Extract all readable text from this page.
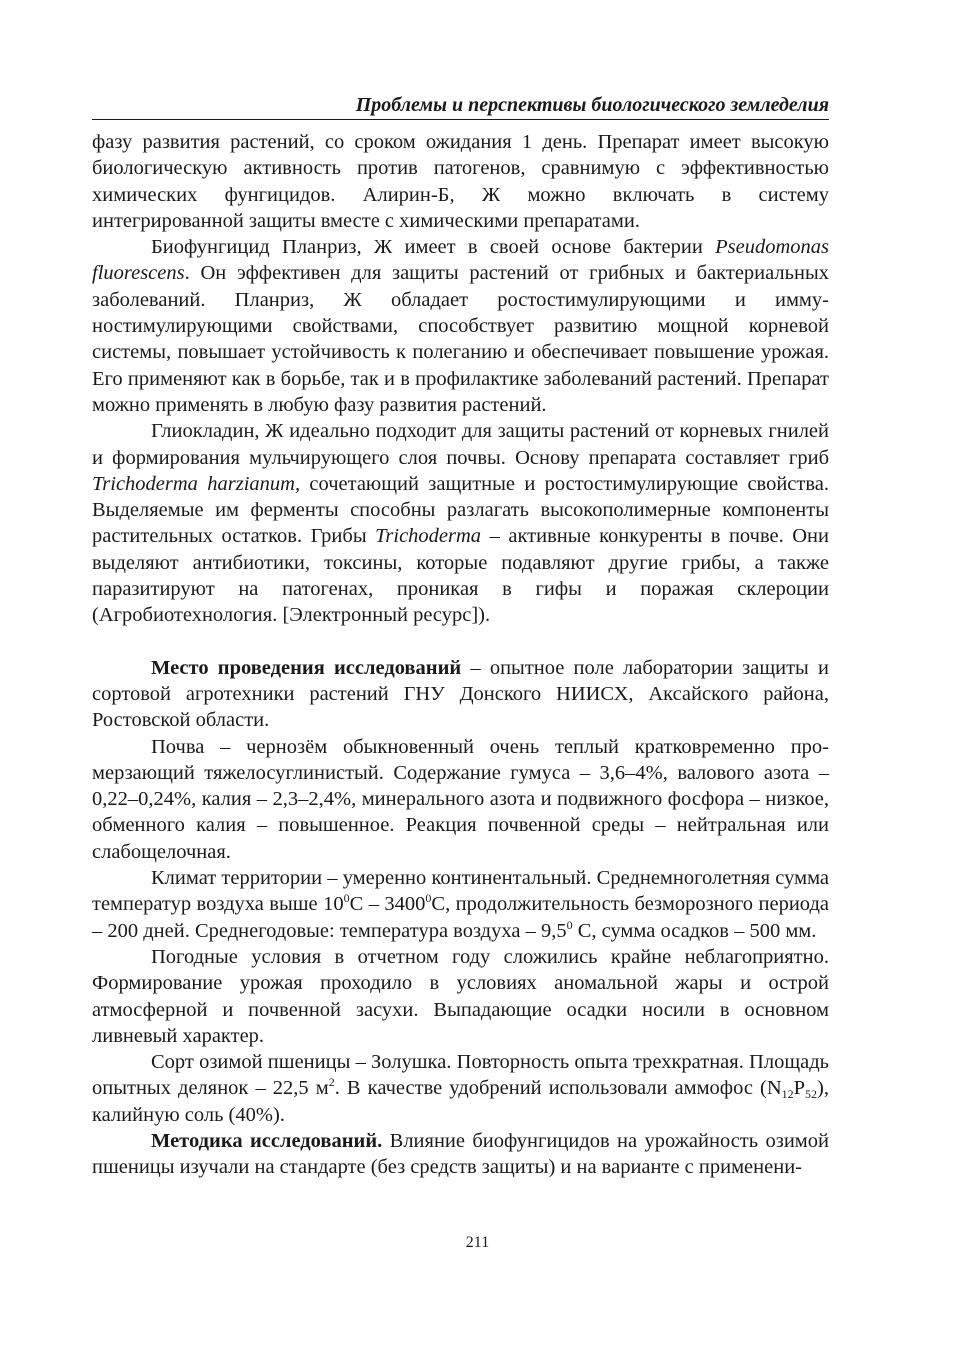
Проблемы и перспективы биологического земледелия

фазу развития растений, со сроком ожидания 1 день. Препарат имеет высокую биологическую активность против патогенов, сравнимую с эффективностью химических фунгицидов. Алирин-Б, Ж можно включать в систему интегрированной защиты вместе с химическими препаратами.

Биофунгицид Планриз, Ж имеет в своей основе бактерии Pseudomonas fluorescens. Он эффективен для защиты растений от грибных и бактериальных заболеваний. Планриз, Ж обладает ростостимулирующими и иммуностимулирующими свойствами, способствует развитию мощной корневой системы, повышает устойчивость к полеганию и обеспечивает повышение урожая. Его применяют как в борьбе, так и в профилактике заболеваний растений. Препарат можно применять в любую фазу развития растений.

Глиокладин, Ж идеально подходит для защиты растений от корневых гнилей и формирования мульчирующего слоя почвы. Основу препарата составляет гриб Trichoderma harzianum, сочетающий защитные и ростостимулирующие свойства. Выделяемые им ферменты способны разлагать высокополимерные компоненты растительных остатков. Грибы Trichoderma – активные конкуренты в почве. Они выделяют антибиотики, токсины, которые подавляют другие грибы, а также паразитируют на патогенах, проникая в гифы и поражая склероции (Агробиотехнология. [Электронный ресурс]).

Место проведения исследований – опытное поле лаборатории защиты и сортовой агротехники растений ГНУ Донского НИИСХ, Аксайского района, Ростовской области.

Почва – чернозём обыкновенный очень теплый кратковременно промерзающий тяжелосуглинистый. Содержание гумуса – 3,6–4%, валового азота – 0,22–0,24%, калия – 2,3–2,4%, минерального азота и подвижного фосфора – низкое, обменного калия – повышенное. Реакция почвенной среды – нейтральная или слабощелочная.

Климат территории – умеренно континентальный. Среднемноголетняя сумма температур воздуха выше $10^0С - 3400^0С$, продолжительность безморозного периода – 200 дней. Среднегодовые: температура воздуха – $9,5^0$ С, сумма осадков – 500 мм.

Погодные условия в отчетном году сложились крайне неблагоприятно. Формирование урожая проходило в условиях аномальной жары и острой атмосферной и почвенной засухи. Выпадающие осадки носили в основном ливневый характер.

Сорт озимой пшеницы – Золушка. Повторность опыта трехкратная. Площадь опытных делянок – 22,5 $м^2$. В качестве удобрений использовали аммофос $(N_{12}P_{52})$, калийную соль (40%).

Методика исследований. Влияние биофунгицидов на урожайность озимой пшеницы изучали на стандарте (без средств защиты) и на варианте с применени-

211
